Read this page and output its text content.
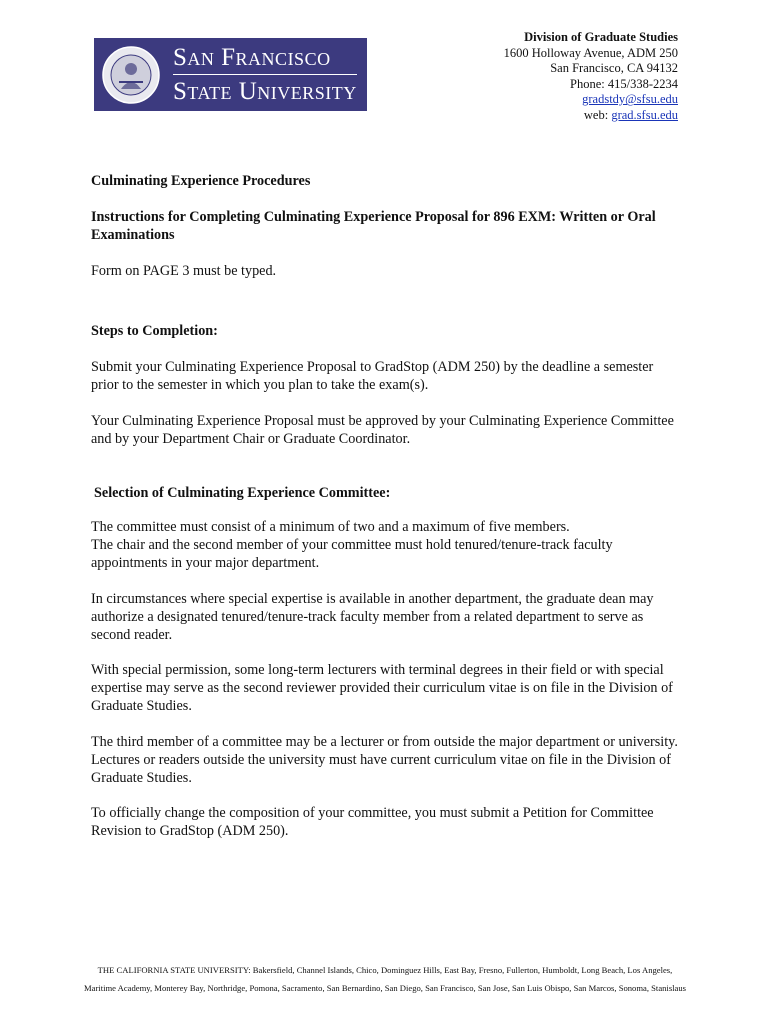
San Francisco
State University
Division of Graduate Studies
1600 Holloway Avenue, ADM 250
San Francisco, CA 94132
Phone: 415/338-2234
gradstdy@sfsu.edu
web: grad.sfsu.edu

Culminating Experience Procedures

Instructions for Completing Culminating Experience Proposal for 896 EXM: Written or Oral Examinations

Form on PAGE 3 must be typed.

Steps to Completion:

Submit your Culminating Experience Proposal to GradStop (ADM 250) by the deadline a semester prior to the semester in which you plan to take the exam(s).

Your Culminating Experience Proposal must be approved by your Culminating Experience Committee and by your Department Chair or Graduate Coordinator.

Selection of Culminating Experience Committee:

The committee must consist of a minimum of two and a maximum of five members.

The chair and the second member of your committee must hold tenured/tenure-track faculty appointments in your major department.

In circumstances where special expertise is available in another department, the graduate dean may authorize a designated tenured/tenure-track faculty member from a related department to serve as second reader.

With special permission, some long-term lecturers with terminal degrees in their field or with special expertise may serve as the second reviewer provided their curriculum vitae is on file in the Division of Graduate Studies.

The third member of a committee may be a lecturer or from outside the major department or university. Lectures or readers outside the university must have current curriculum vitae on file in the Division of Graduate Studies.

To officially change the composition of your committee, you must submit a Petition for Committee Revision to GradStop (ADM 250).

THE CALIFORNIA STATE UNIVERSITY: Bakersfield, Channel Islands, Chico, Dominguez Hills, East Bay, Fresno, Fullerton, Humboldt, Long Beach, Los Angeles,
Maritime Academy, Monterey Bay, Northridge, Pomona, Sacramento, San Bernardino, San Diego, San Francisco, San Jose, San Luis Obispo, San Marcos, Sonoma, Stanislaus
